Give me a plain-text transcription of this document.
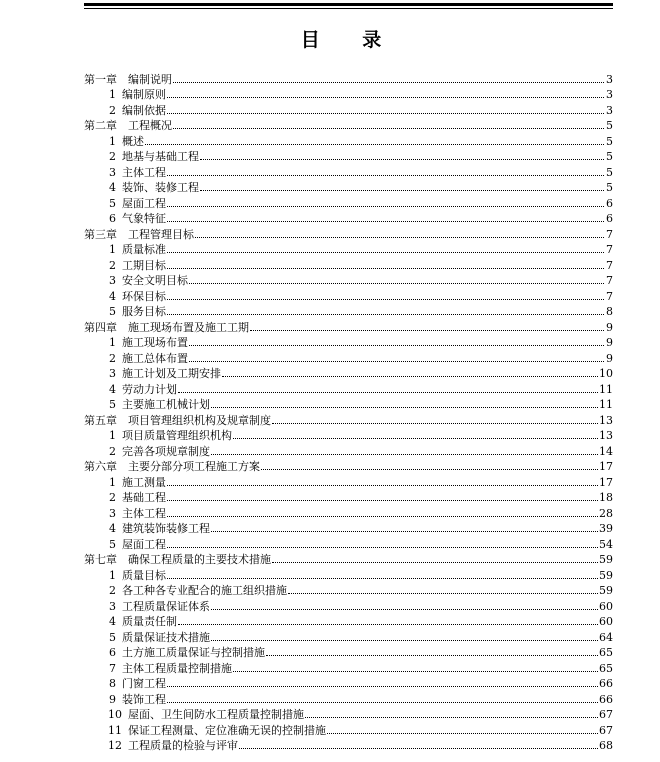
目 录
第一章	编制说明	3
1 编制原则	3
2 编制依据	3
第二章	工程概况	5
1 概述	5
2 地基与基础工程	5
3 主体工程	5
4 装饰、装修工程	5
5 屋面工程	6
6 气象特征	6
第三章	工程管理目标	7
1 质量标准	7
2 工期目标	7
3 安全文明目标	7
4 环保目标	7
5 服务目标	8
第四章	施工现场布置及施工工期	9
1 施工现场布置	9
2 施工总体布置	9
3 施工计划及工期安排	10
4 劳动力计划	11
5 主要施工机械计划	11
第五章	项目管理组织机构及规章制度	13
1 项目质量管理组织机构	13
2 完善各项规章制度	14
第六章	主要分部分项工程施工方案	17
1 施工测量	17
2 基础工程	18
3 主体工程	28
4 建筑装饰装修工程	39
5 屋面工程	54
第七章	确保工程质量的主要技术措施	59
1 质量目标	59
2 各工种各专业配合的施工组织措施	59
3 工程质量保证体系	60
4 质量责任制	60
5 质量保证技术措施	64
6 土方施工质量保证与控制措施	65
7 主体工程质量控制措施	65
8 门窗工程	66
9 装饰工程	66
10 屋面、卫生间防水工程质量控制措施	67
11 保证工程测量、定位准确无误的控制措施	67
12 工程质量的检验与评审	68
